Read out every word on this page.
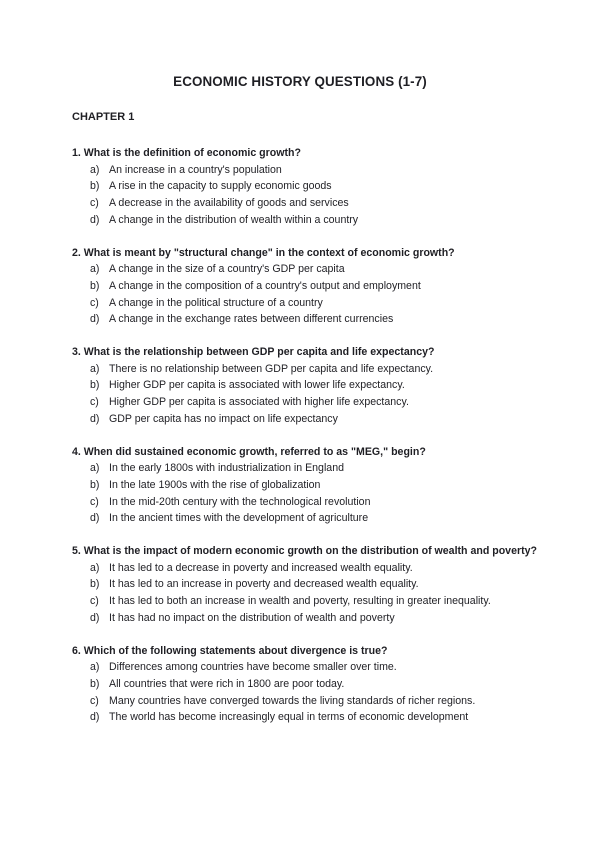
ECONOMIC HISTORY QUESTIONS (1-7)
CHAPTER 1
1. What is the definition of economic growth?
a) An increase in a country's population
b) A rise in the capacity to supply economic goods
c) A decrease in the availability of goods and services
d) A change in the distribution of wealth within a country
2. What is meant by "structural change" in the context of economic growth?
a) A change in the size of a country's GDP per capita
b) A change in the composition of a country's output and employment
c) A change in the political structure of a country
d) A change in the exchange rates between different currencies
3. What is the relationship between GDP per capita and life expectancy?
a) There is no relationship between GDP per capita and life expectancy.
b) Higher GDP per capita is associated with lower life expectancy.
c) Higher GDP per capita is associated with higher life expectancy.
d) GDP per capita has no impact on life expectancy
4. When did sustained economic growth, referred to as "MEG," begin?
a) In the early 1800s with industrialization in England
b) In the late 1900s with the rise of globalization
c) In the mid-20th century with the technological revolution
d) In the ancient times with the development of agriculture
5. What is the impact of modern economic growth on the distribution of wealth and poverty?
a) It has led to a decrease in poverty and increased wealth equality.
b) It has led to an increase in poverty and decreased wealth equality.
c) It has led to both an increase in wealth and poverty, resulting in greater inequality.
d) It has had no impact on the distribution of wealth and poverty
6. Which of the following statements about divergence is true?
a) Differences among countries have become smaller over time.
b) All countries that were rich in 1800 are poor today.
c) Many countries have converged towards the living standards of richer regions.
d) The world has become increasingly equal in terms of economic development
